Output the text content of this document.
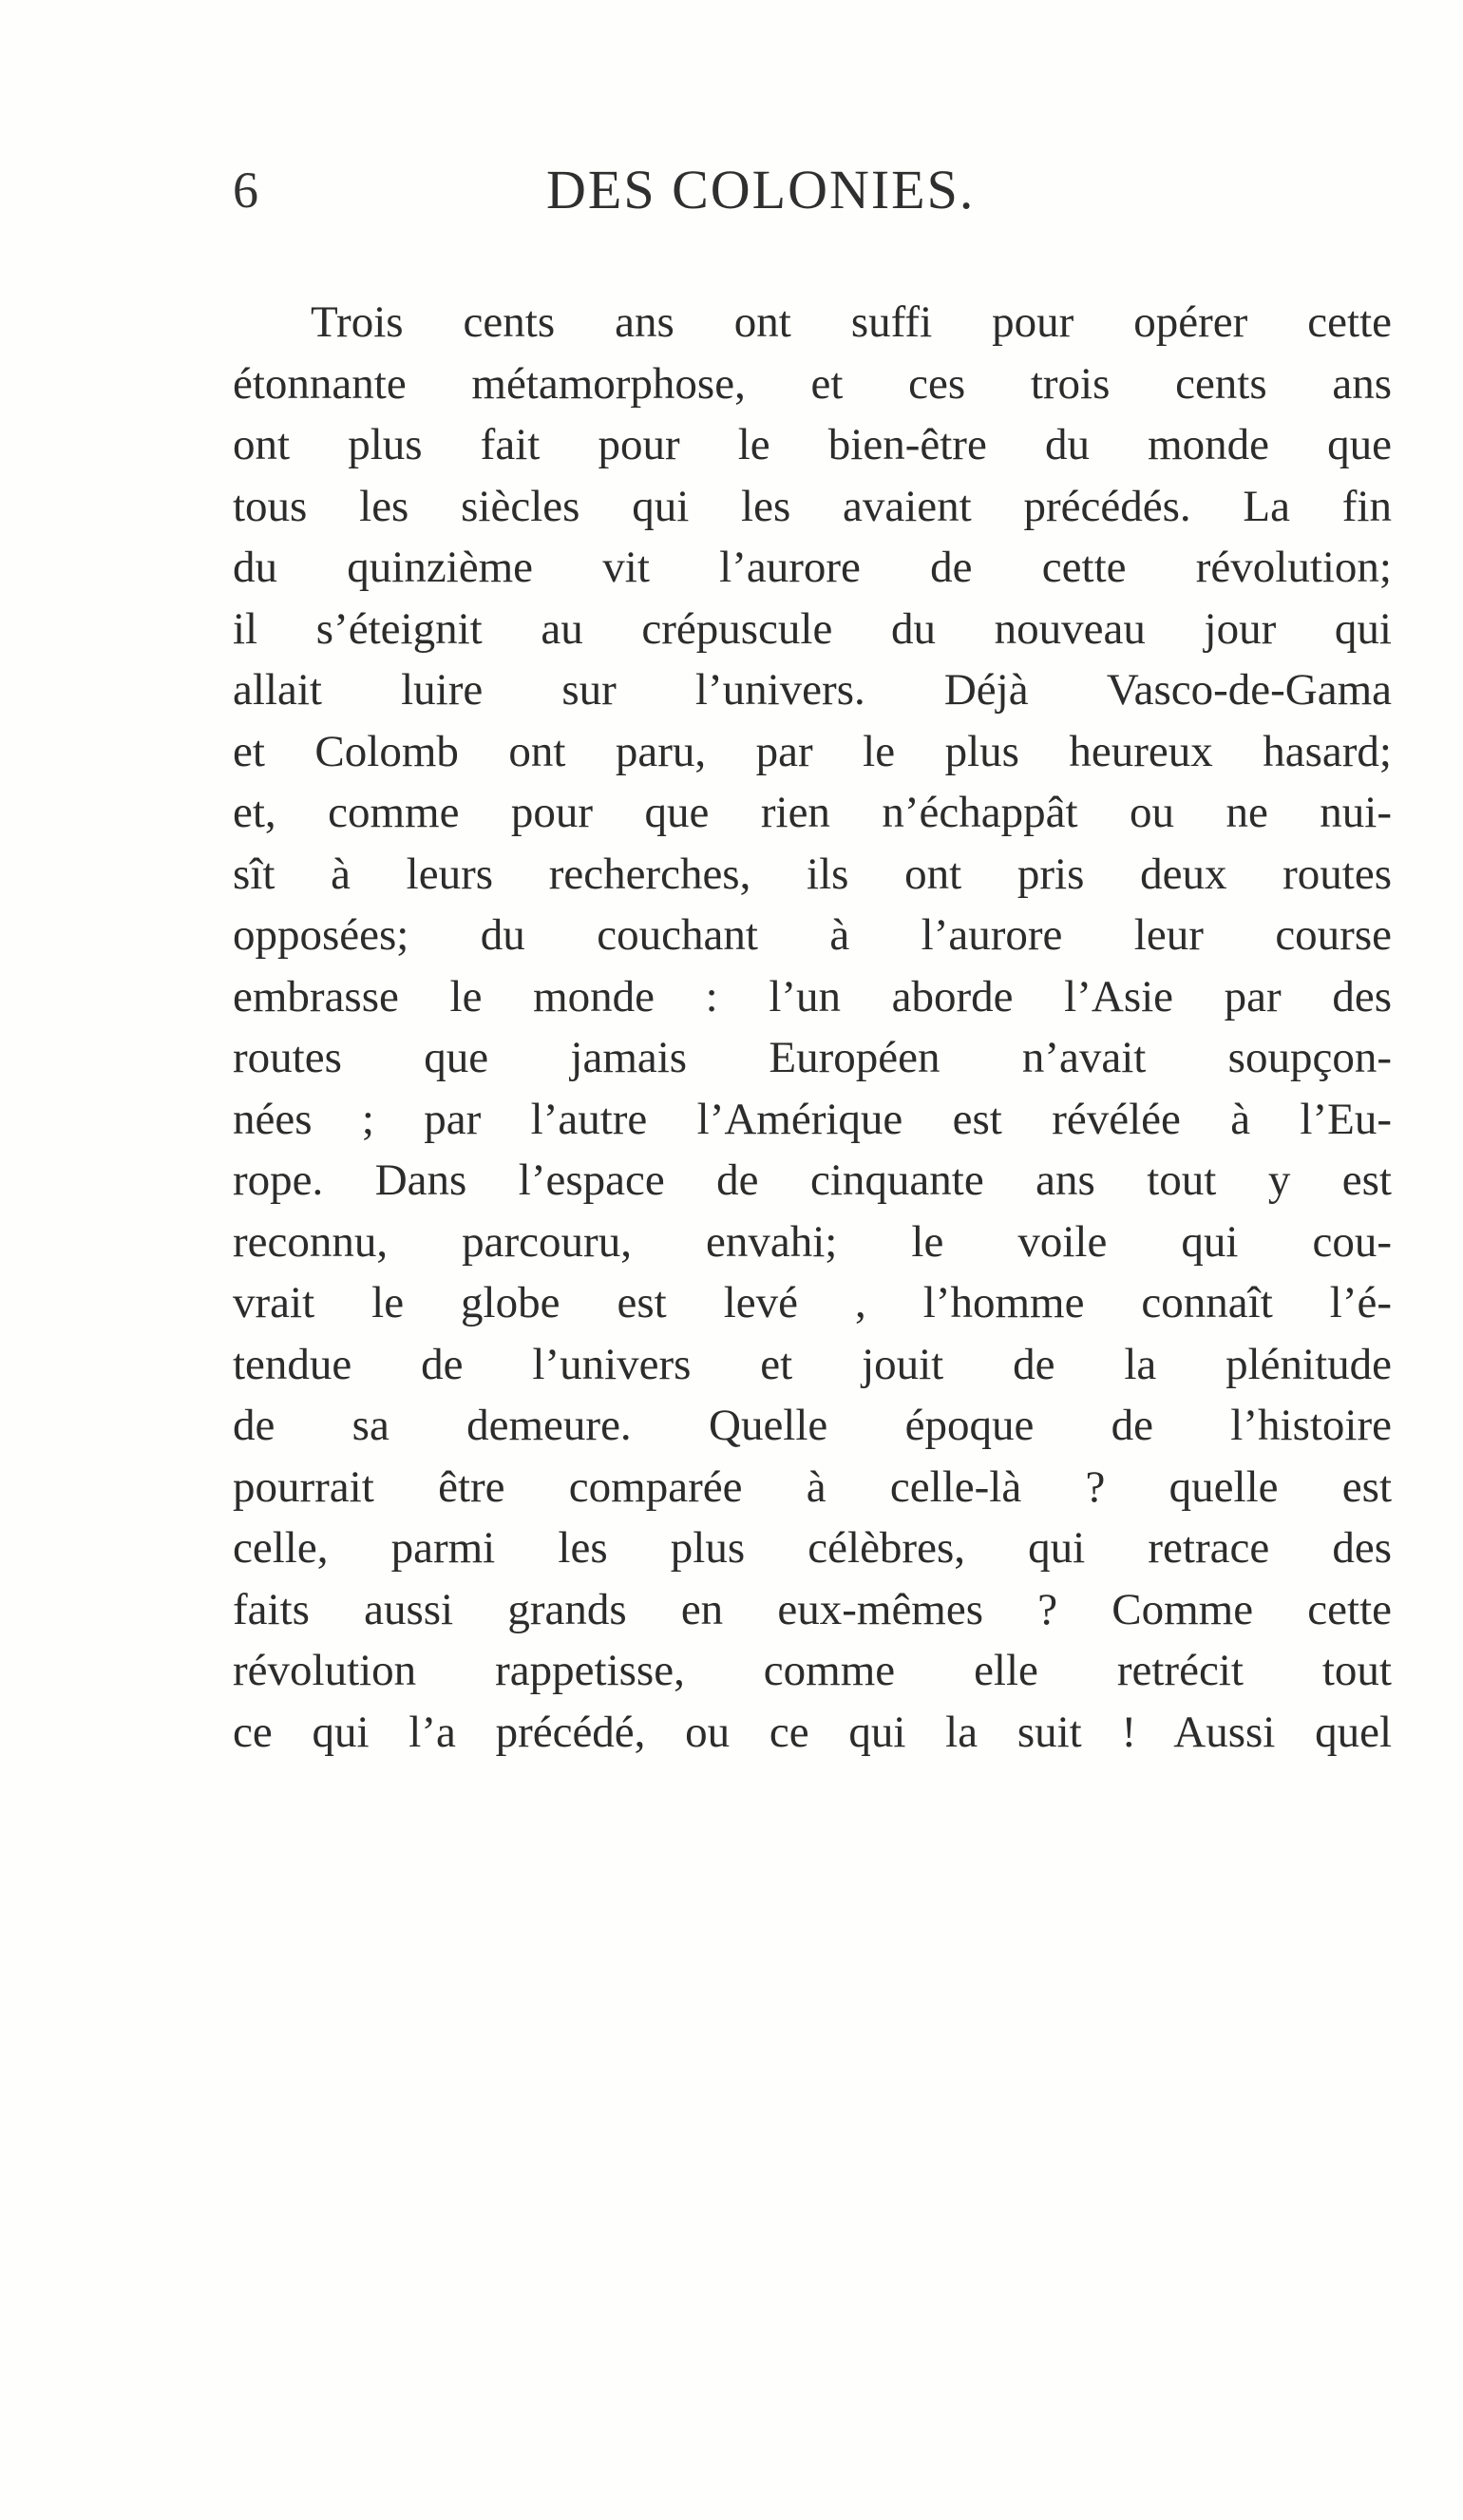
6	DES COLONIES.
Trois cents ans ont suffi pour opérer cette
étonnante métamorphose, et ces trois cents ans
ont plus fait pour le bien-être du monde que
tous les siècles qui les avaient précédés. La fin
du quinzième vit l’aurore de cette révolution;
il s’éteignit au crépuscule du nouveau jour qui
allait luire sur l’univers. Déjà Vasco-de-Gama
et Colomb ont paru, par le plus heureux hasard;
et, comme pour que rien n’échappât ou ne nui-
sît à leurs recherches, ils ont pris deux routes
opposées; du couchant à l’aurore leur course
embrasse le monde : l’un aborde l’Asie par des
routes que jamais Européen n’avait soupçon-
nées ; par l’autre l’Amérique est révélée à l’Eu-
rope. Dans l’espace de cinquante ans tout y est
reconnu, parcouru, envahi; le voile qui cou-
vrait le globe est levé , l’homme connaît l’é-
tendue de l’univers et jouit de la plénitude
de sa demeure. Quelle époque de l’histoire
pourrait être comparée à celle-là ? quelle est
celle, parmi les plus célèbres, qui retrace des
faits aussi grands en eux-mêmes ? Comme cette
révolution rappetisse, comme elle retrécit tout
ce qui l’a précédé, ou ce qui la suit ! Aussi quel
